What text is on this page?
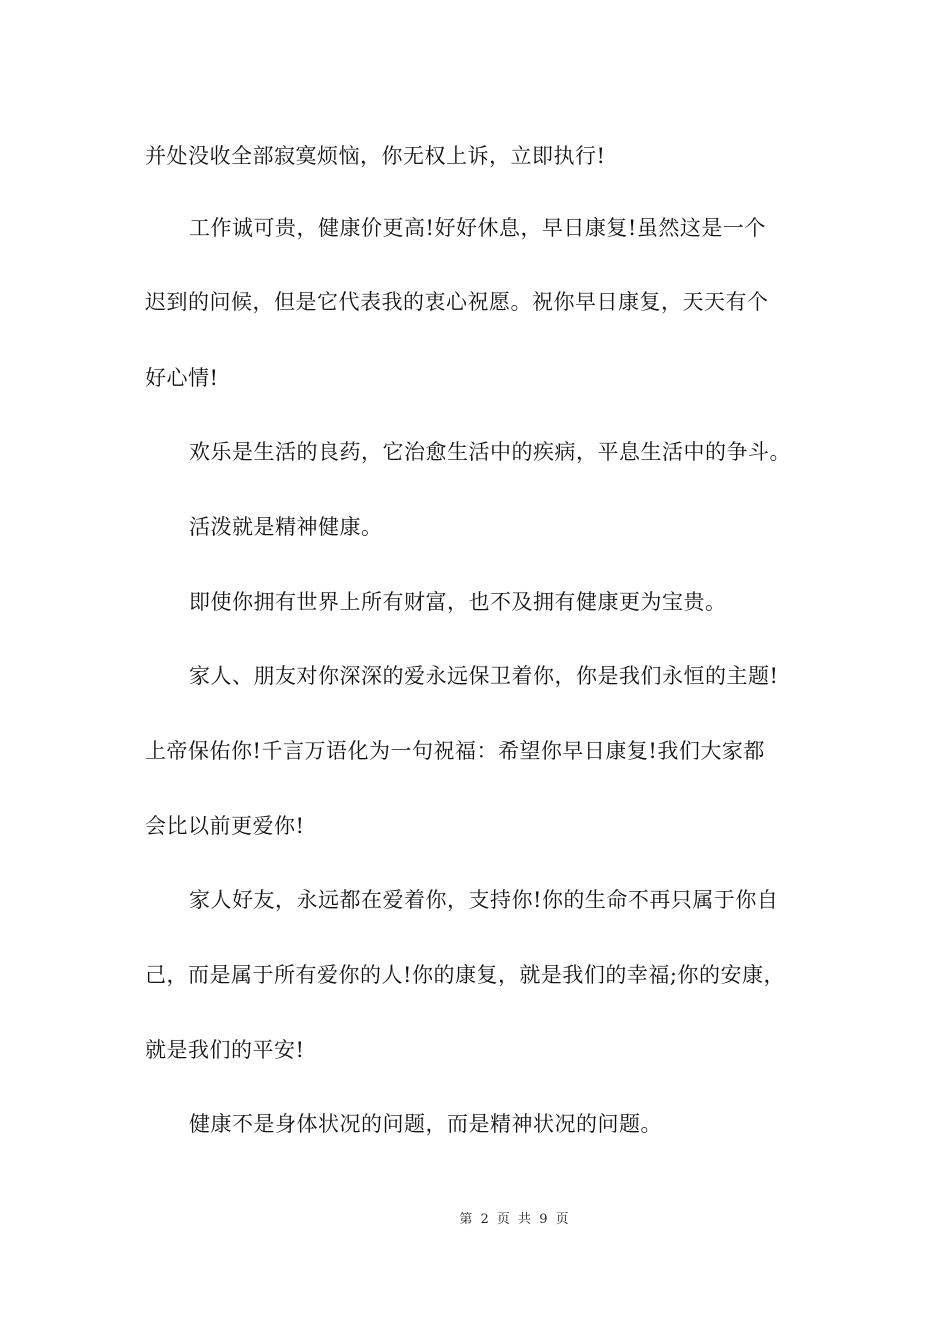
并处没收全部寂寞烦恼，你无权上诉，立即执行!
工作诚可贵，健康价更高!好好休息，早日康复!虽然这是一个
迟到的问候，但是它代表我的衷心祝愿。祝你早日康复，天天有个
好心情!
欢乐是生活的良药，它治愈生活中的疾病，平息生活中的争斗。
活泼就是精神健康。
即使你拥有世界上所有财富，也不及拥有健康更为宝贵。
家人、朋友对你深深的爱永远保卫着你，你是我们永恒的主题!
上帝保佑你!千言万语化为一句祝福：希望你早日康复!我们大家都
会比以前更爱你!
家人好友，永远都在爱着你，支持你!你的生命不再只属于你自
己，而是属于所有爱你的人!你的康复，就是我们的幸福;你的安康，
就是我们的平安!
健康不是身体状况的问题，而是精神状况的问题。
第 2 页 共 9 页
